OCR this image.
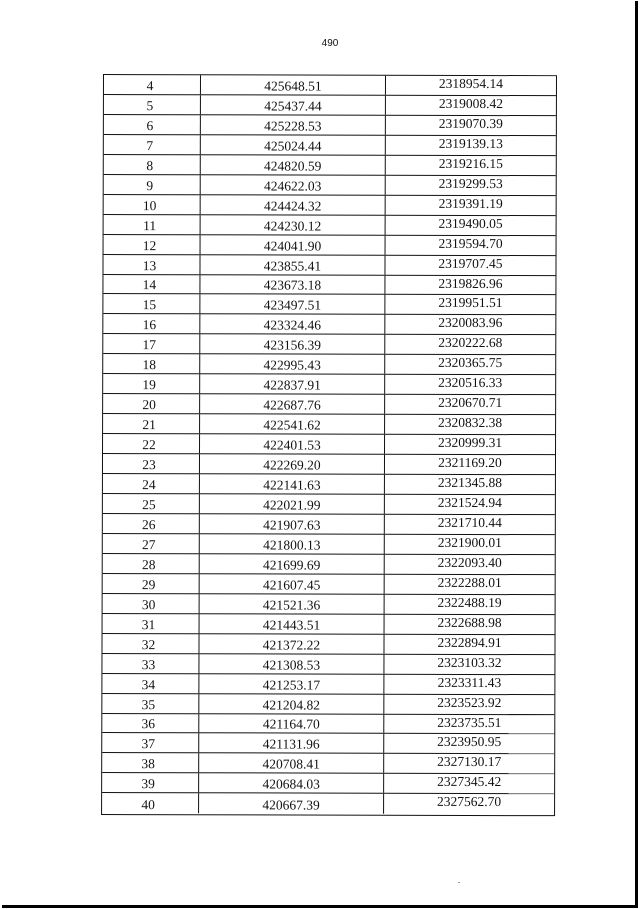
490
4	425648.51	2318954.14
5	425437.44	2319008.42
6	425228.53	2319070.39
7	425024.44	2319139.13
8	424820.59	2319216.15
9	424622.03	2319299.53
10	424424.32	2319391.19
11	424230.12	2319490.05
12	424041.90	2319594.70
13	423855.41	2319707.45
14	423673.18	2319826.96
15	423497.51	2319951.51
16	423324.46	2320083.96
17	423156.39	2320222.68
18	422995.43	2320365.75
19	422837.91	2320516.33
20	422687.76	2320670.71
21	422541.62	2320832.38
22	422401.53	2320999.31
23	422269.20	2321169.20
24	422141.63	2321345.88
25	422021.99	2321524.94
26	421907.63	2321710.44
27	421800.13	2321900.01
28	421699.69	2322093.40
29	421607.45	2322288.01
30	421521.36	2322488.19
31	421443.51	2322688.98
32	421372.22	2322894.91
33	421308.53	2323103.32
34	421253.17	2323311.43
35	421204.82	2323523.92
36	421164.70	2323735.51
37	421131.96	2323950.95
38	420708.41	2327130.17
39	420684.03	2327345.42
40	420667.39	2327562.70
